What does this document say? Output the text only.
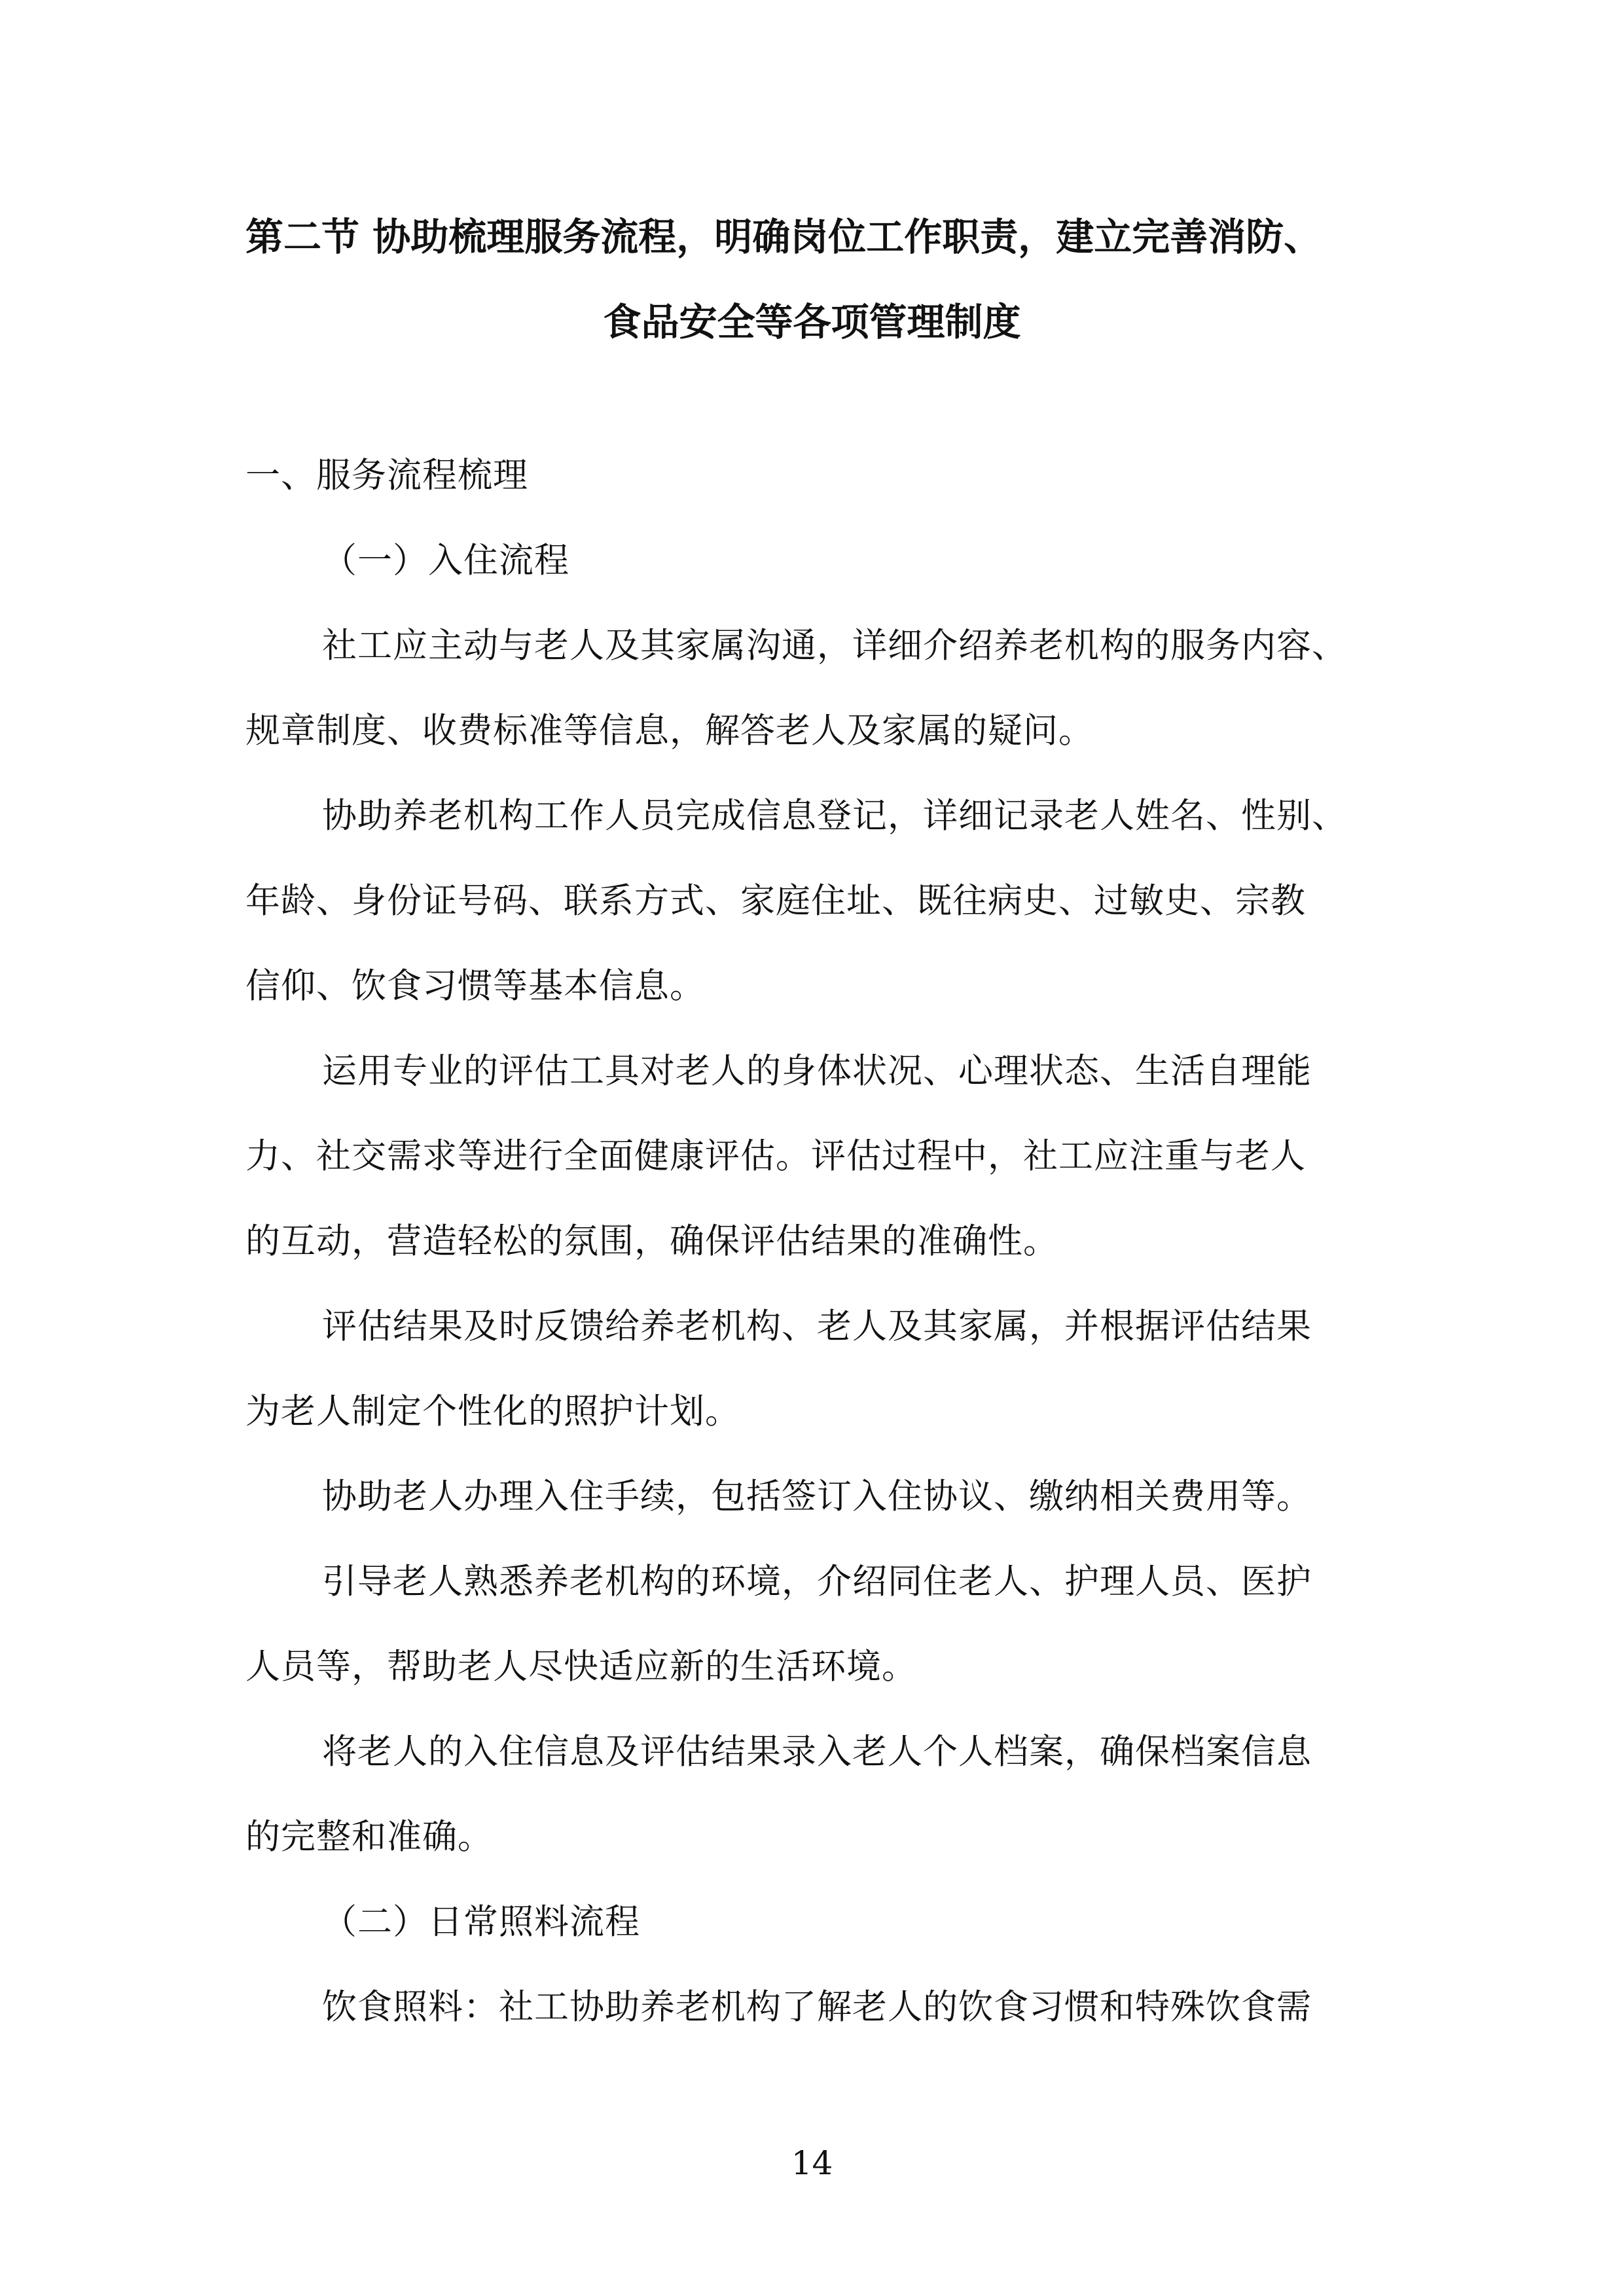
第二节 协助梳理服务流程，明确岗位工作职责，建立完善消防、
食品安全等各项管理制度
一、服务流程梳理
（一）入住流程
社工应主动与老人及其家属沟通，详细介绍养老机构的服务内容、
规章制度、收费标准等信息，解答老人及家属的疑问。
协助养老机构工作人员完成信息登记，详细记录老人姓名、性别、
年龄、身份证号码、联系方式、家庭住址、既往病史、过敏史、宗教
信仰、饮食习惯等基本信息。
运用专业的评估工具对老人的身体状况、心理状态、生活自理能
力、社交需求等进行全面健康评估。评估过程中，社工应注重与老人
的互动，营造轻松的氛围，确保评估结果的准确性。
评估结果及时反馈给养老机构、老人及其家属，并根据评估结果
为老人制定个性化的照护计划。
协助老人办理入住手续，包括签订入住协议、缴纳相关费用等。
引导老人熟悉养老机构的环境，介绍同住老人、护理人员、医护
人员等，帮助老人尽快适应新的生活环境。
将老人的入住信息及评估结果录入老人个人档案，确保档案信息
的完整和准确。
（二）日常照料流程
饮食照料：社工协助养老机构了解老人的饮食习惯和特殊饮食需
14
